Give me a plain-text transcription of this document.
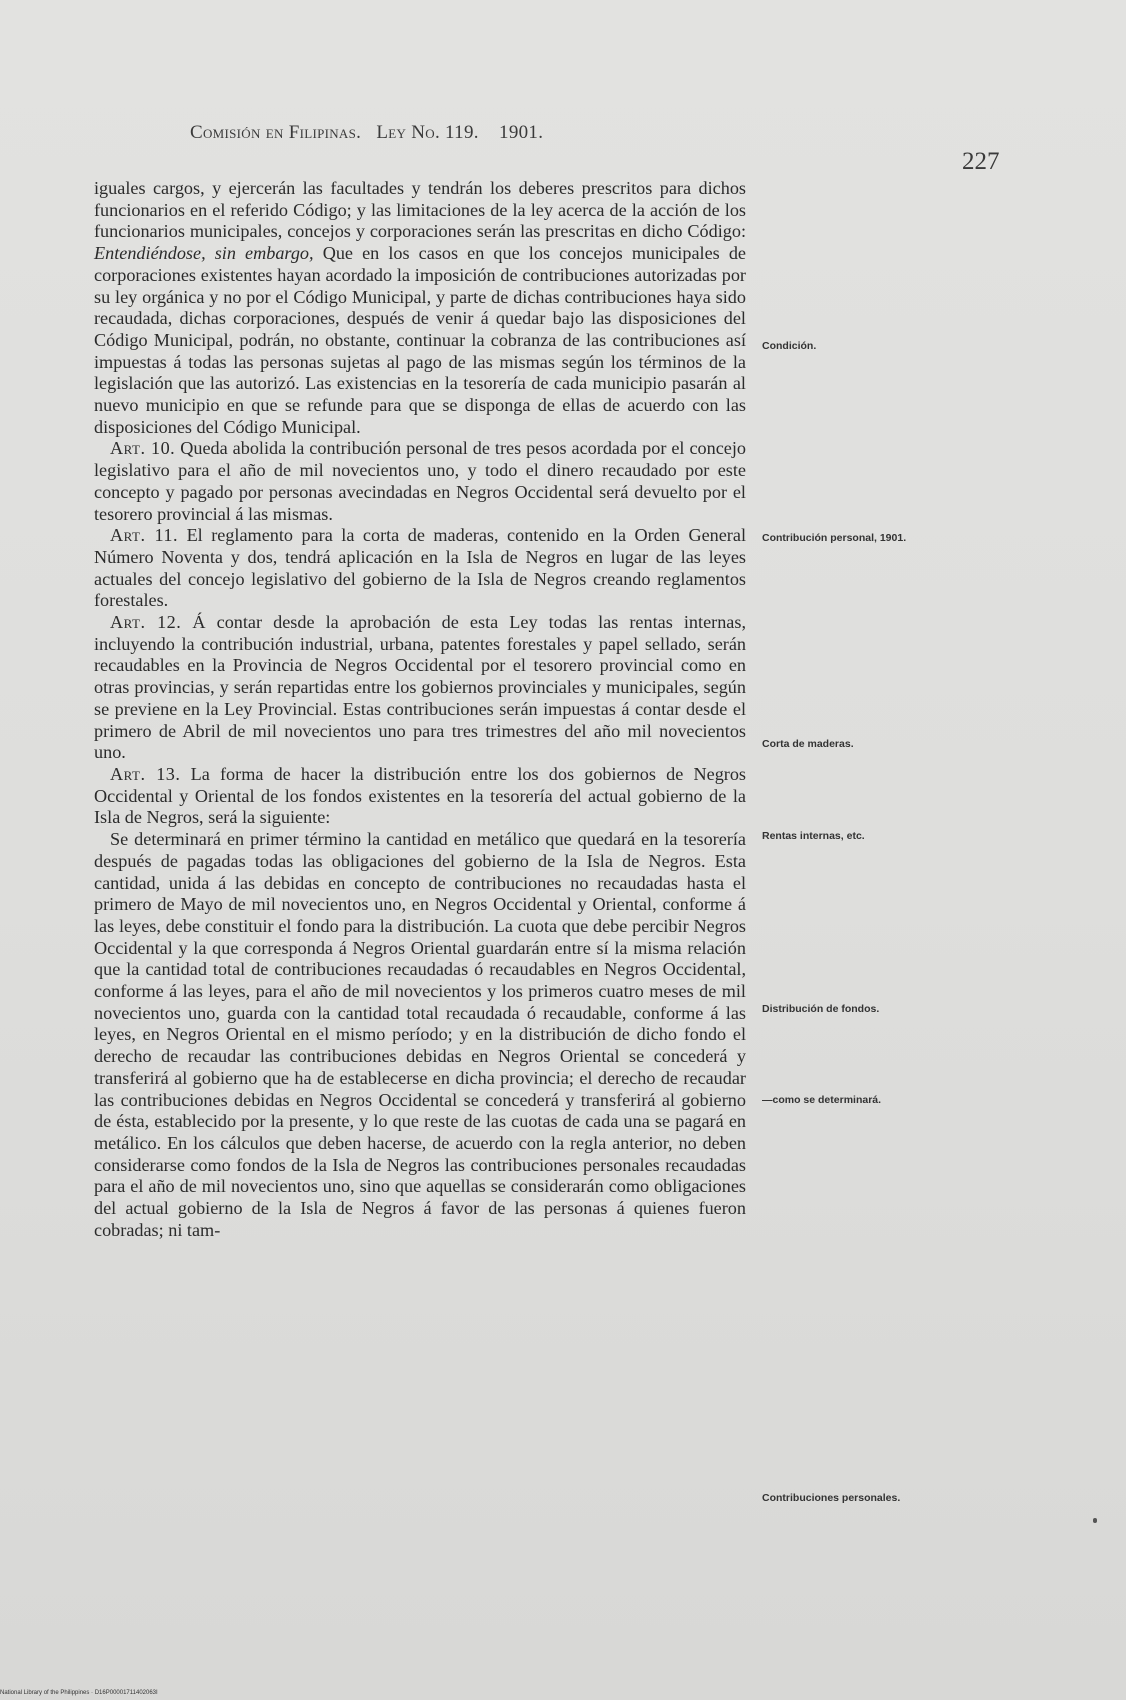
Comisión en Filipinas. Ley No. 119. 1901.
227

iguales cargos, y ejercerán las facultades y tendrán los deberes prescritos para dichos funcionarios en el referido Código; y las limitaciones de la ley acerca de la acción de los funcionarios municipales, concejos y corporaciones serán las prescritas en dicho Código: Entendiéndose, sin embargo, Que en los casos en que los concejos municipales de corporaciones existentes hayan acordado la imposición de contribuciones autorizadas por su ley orgánica y no por el Código Municipal, y parte de dichas contribuciones haya sido recaudada, dichas corporaciones, después de venir á quedar bajo las disposiciones del Código Municipal, podrán, no obstante, continuar la cobranza de las contribuciones así impuestas á todas las personas sujetas al pago de las mismas según los términos de la legislación que las autorizó. Las existencias en la tesorería de cada municipio pasarán al nuevo municipio en que se refunde para que se disponga de ellas de acuerdo con las disposiciones del Código Municipal.

Art. 10. Queda abolida la contribución personal de tres pesos acordada por el concejo legislativo para el año de mil novecientos uno, y todo el dinero recaudado por este concepto y pagado por personas avecindadas en Negros Occidental será devuelto por el tesorero provincial á las mismas.

Art. 11. El reglamento para la corta de maderas, contenido en la Orden General Número Noventa y dos, tendrá aplicación en la Isla de Negros en lugar de las leyes actuales del concejo legislativo del gobierno de la Isla de Negros creando reglamentos forestales.

Art. 12. Á contar desde la aprobación de esta Ley todas las rentas internas, incluyendo la contribución industrial, urbana, patentes forestales y papel sellado, serán recaudables en la Provincia de Negros Occidental por el tesorero provincial como en otras provincias, y serán repartidas entre los gobiernos provinciales y municipales, según se previene en la Ley Provincial. Estas contribuciones serán impuestas á contar desde el primero de Abril de mil novecientos uno para tres trimestres del año mil novecientos uno.

Art. 13. La forma de hacer la distribución entre los dos gobiernos de Negros Occidental y Oriental de los fondos existentes en la tesorería del actual gobierno de la Isla de Negros, será la siguiente:

Se determinará en primer término la cantidad en metálico que quedará en la tesorería después de pagadas todas las obligaciones del gobierno de la Isla de Negros. Esta cantidad, unida á las debidas en concepto de contribuciones no recaudadas hasta el primero de Mayo de mil novecientos uno, en Negros Occidental y Oriental, conforme á las leyes, debe constituir el fondo para la distribución. La cuota que debe percibir Negros Occidental y la que corresponda á Negros Oriental guardarán entre sí la misma relación que la cantidad total de contribuciones recaudadas ó recaudables en Negros Occidental, conforme á las leyes, para el año de mil novecientos y los primeros cuatro meses de mil novecientos uno, guarda con la cantidad total recaudada ó recaudable, conforme á las leyes, en Negros Oriental en el mismo período; y en la distribución de dicho fondo el derecho de recaudar las contribuciones debidas en Negros Oriental se concederá y transferirá al gobierno que ha de establecerse en dicha provincia; el derecho de recaudar las contribuciones debidas en Negros Occidental se concederá y transferirá al gobierno de ésta, establecido por la presente, y lo que reste de las cuotas de cada una se pagará en metálico. En los cálculos que deben hacerse, de acuerdo con la regla anterior, no deben considerarse como fondos de la Isla de Negros las contribuciones personales recaudadas para el año de mil novecientos uno, sino que aquellas se considerarán como obligaciones del actual gobierno de la Isla de Negros á favor de las personas á quienes fueron cobradas; ni tam-

Condición.
Contribución personal, 1901.
Corta de maderas.
Rentas internas, etc.
Distribución de fondos.
—como se determinará.
Contribuciones personales.
National Library of the Philippines · D16P00001711402063I
